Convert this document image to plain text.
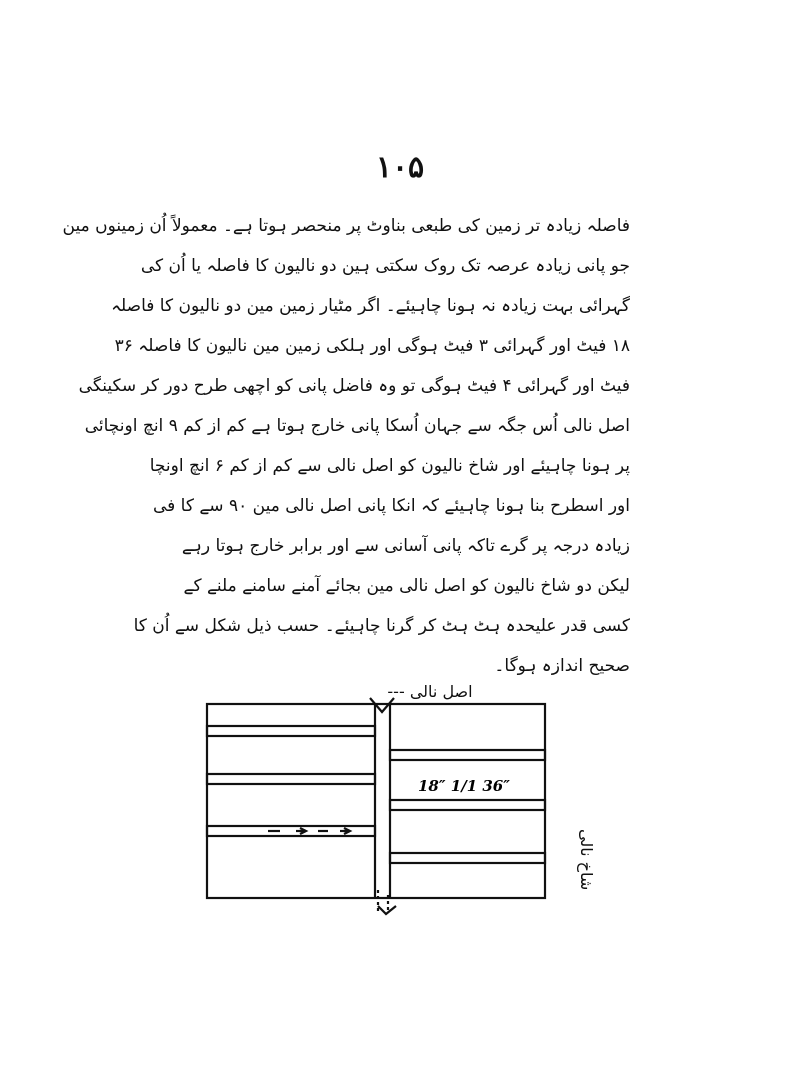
۱۰۵
فاصلہ زیادہ تر زمین کی طبعی بناوٹ پر منحصر ہوتا ہے۔ معمولاً اُن زمینوں مین
جو پانی زیادہ عرصہ تک روک سکتی ہین دو نالیون کا فاصلہ یا اُن کی
گہرائی بہت زیادہ نہ ہونا چاہیئے۔ اگر مٹیار زمین مین دو نالیون کا فاصلہ
۱۸ فیٹ اور گہرائی ۳ فیٹ ہوگی اور ہلکی زمین مین نالیون کا فاصلہ ۳۶
فیٹ اور گہرائی ۴ فیٹ ہوگی تو وہ فاضل پانی کو اچھی طرح دور کر سکینگی
اصل نالی اُس جگہ سے جہان اُسکا پانی خارج ہوتا ہے کم از کم ۹ انچ اونچائی
پر ہونا چاہیئے اور شاخ نالیون کو اصل نالی سے کم از کم ۶ انچ اونچا
اور اسطرح بنا ہونا چاہیئے کہ انکا پانی اصل نالی مین ۹۰ سے کا فی
زیادہ درجہ پر گرے تاکہ پانی آسانی سے اور برابر خارج ہوتا رہے
لیکن دو شاخ نالیون کو اصل نالی مین بجائے آمنے سامنے ملنے کے
کسی قدر علیحدہ ہٹ ہٹ کر گرنا چاہیئے۔ حسب ذیل شکل سے اُن کا
صحیح اندازہ ہوگا۔
اصل نالی ---
18″ 1/1 36″
شاخ نالی
